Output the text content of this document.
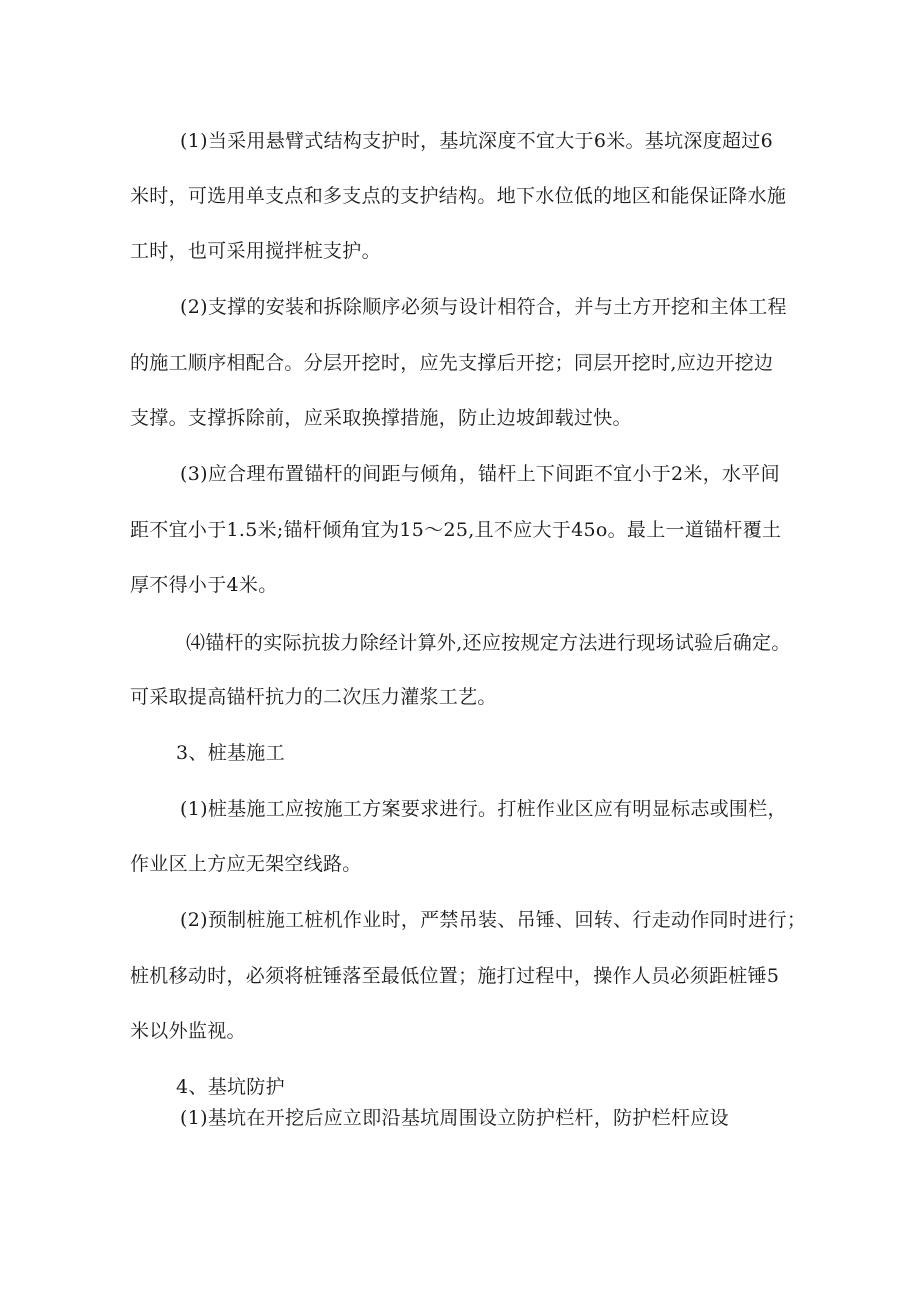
(1)当采用悬臂式结构支护时，基坑深度不宜大于6米。基坑深度超过6
米时，可选用单支点和多支点的支护结构。地下水位低的地区和能保证降水施
工时，也可采用搅拌桩支护。
(2)支撑的安装和拆除顺序必须与设计相符合，并与土方开挖和主体工程
的施工顺序相配合。分层开挖时，应先支撑后开挖；同层开挖时,应边开挖边
支撑。支撑拆除前，应采取换撑措施，防止边坡卸载过快。
(3)应合理布置锚杆的间距与倾角，锚杆上下间距不宜小于2米，水平间
距不宜小于1.5米;锚杆倾角宜为15～25,且不应大于45o。最上一道锚杆覆土
厚不得小于4米。
⑷锚杆的实际抗拔力除经计算外,还应按规定方法进行现场试验后确定。
可采取提高锚杆抗力的二次压力灌浆工艺。
3、桩基施工
(1)桩基施工应按施工方案要求进行。打桩作业区应有明显标志或围栏，
作业区上方应无架空线路。
(2)预制桩施工桩机作业时，严禁吊装、吊锤、回转、行走动作同时进行；
桩机移动时，必须将桩锤落至最低位置；施打过程中，操作人员必须距桩锤5
米以外监视。
4、基坑防护
(1)基坑在开挖后应立即沿基坑周围设立防护栏杆，防护栏杆应设
